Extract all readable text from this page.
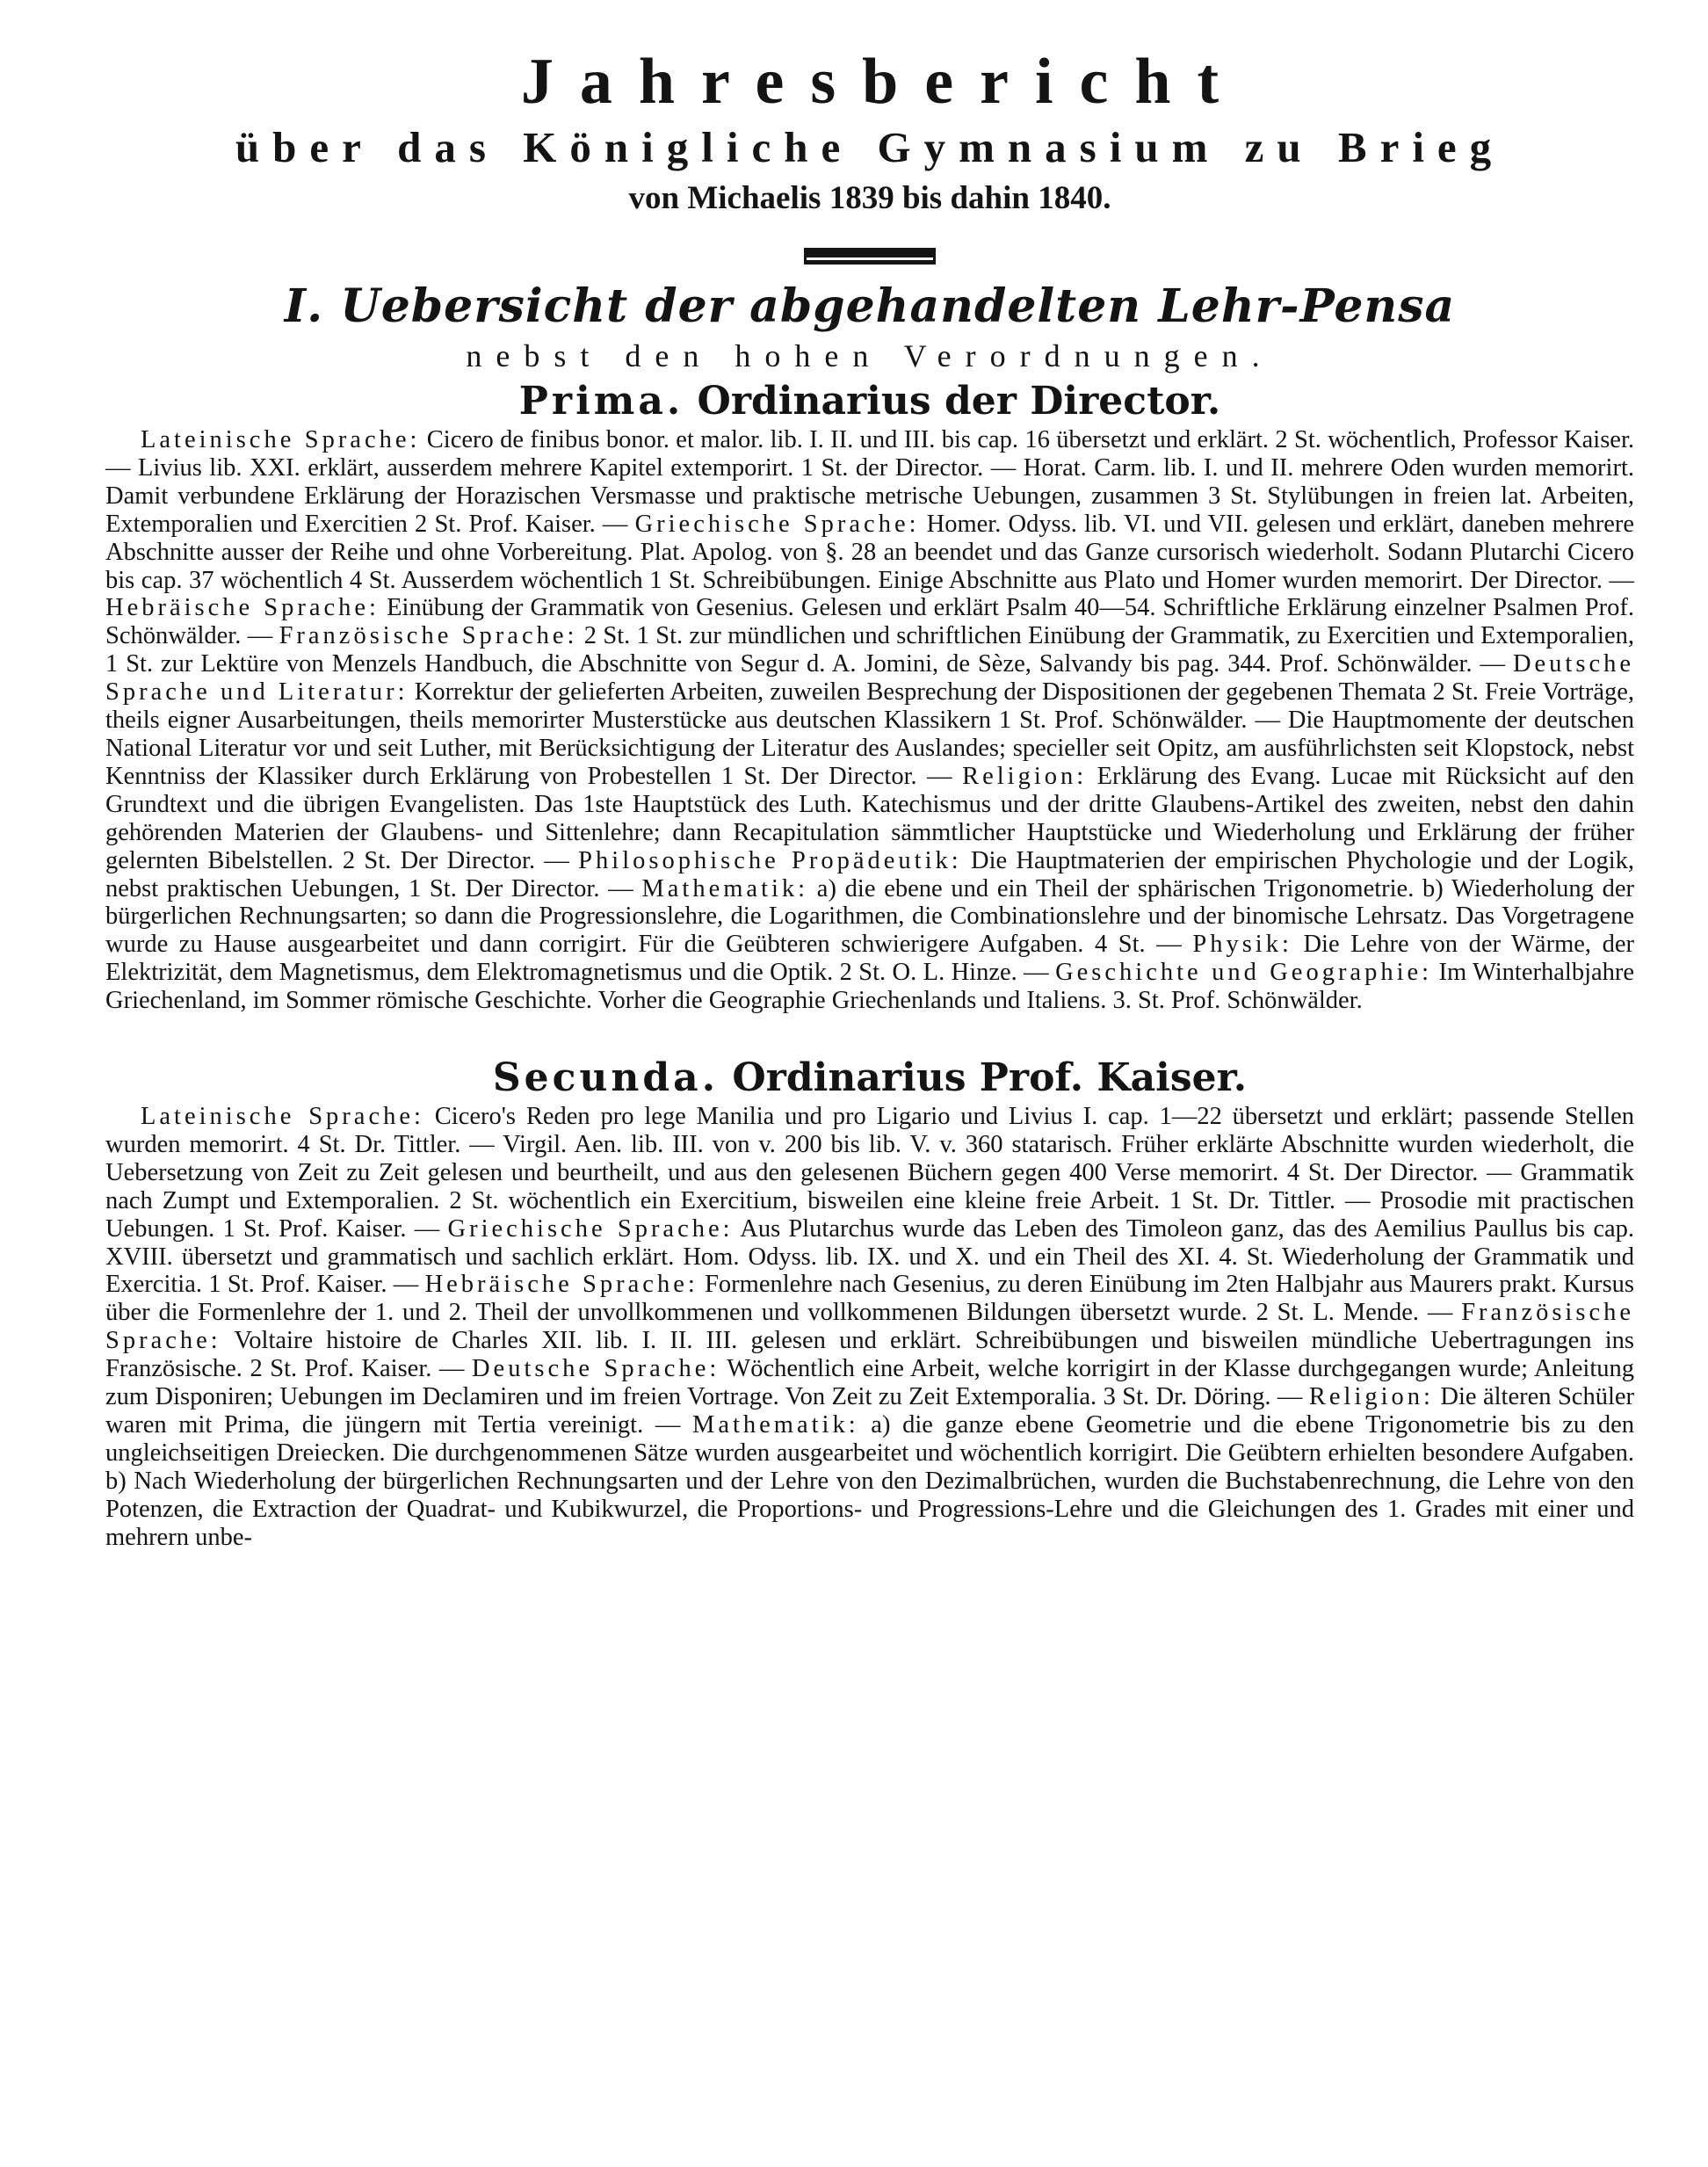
Jahresbericht

über das Königliche Gymnasium zu Brieg

von Michaelis 1839 bis dahin 1840.

I. Uebersicht der abgehandelten Lehr-Pensa

nebst den hohen Verordnungen.

Prima. Ordinarius der Director.

Lateinische Sprache: Cicero de finibus bonor. et malor. lib. I. II. und III. bis cap. 16 übersetzt und erklärt. 2 St. wöchentlich, Professor Kaiser. — Livius lib. XXI. erklärt, ausserdem mehrere Kapitel extemporirt. 1 St. der Director. — Horat. Carm. lib. I. und II. mehrere Oden wurden memorirt. Damit verbundene Erklärung der Horazischen Versmasse und praktische metrische Uebungen, zusammen 3 St. Stylübungen in freien lat. Arbeiten, Extemporalien und Exercitien 2 St. Prof. Kaiser. — Griechische Sprache: Homer. Odyss. lib. VI. und VII. gelesen und erklärt, daneben mehrere Abschnitte ausser der Reihe und ohne Vorbereitung. Plat. Apolog. von §. 28 an beendet und das Ganze cursorisch wiederholt. Sodann Plutarchi Cicero bis cap. 37 wöchentlich 4 St. Ausserdem wöchentlich 1 St. Schreibübungen. Einige Abschnitte aus Plato und Homer wurden memorirt. Der Director. — Hebräische Sprache: Einübung der Grammatik von Gesenius. Gelesen und erklärt Psalm 40—54. Schriftliche Erklärung einzelner Psalmen Prof. Schönwälder. — Französische Sprache: 2 St. 1 St. zur mündlichen und schriftlichen Einübung der Grammatik, zu Exercitien und Extemporalien, 1 St. zur Lektüre von Menzels Handbuch, die Abschnitte von Segur d. A. Jomini, de Sèze, Salvandy bis pag. 344. Prof. Schönwälder. — Deutsche Sprache und Literatur: Korrektur der gelieferten Arbeiten, zuweilen Besprechung der Dispositionen der gegebenen Themata 2 St. Freie Vorträge, theils eigner Ausarbeitungen, theils memorirter Musterstücke aus deutschen Klassikern 1 St. Prof. Schönwälder. — Die Hauptmomente der deutschen National Literatur vor und seit Luther, mit Berücksichtigung der Literatur des Auslandes; specieller seit Opitz, am ausführlichsten seit Klopstock, nebst Kenntniss der Klassiker durch Erklärung von Probestellen 1 St. Der Director. — Religion: Erklärung des Evang. Lucae mit Rücksicht auf den Grundtext und die übrigen Evangelisten. Das 1ste Hauptstück des Luth. Katechismus und der dritte Glaubens-Artikel des zweiten, nebst den dahin gehörenden Materien der Glaubens- und Sittenlehre; dann Recapitulation sämmtlicher Hauptstücke und Wiederholung und Erklärung der früher gelernten Bibelstellen. 2 St. Der Director. — Philosophische Propädeutik: Die Hauptmaterien der empirischen Phychologie und der Logik, nebst praktischen Uebungen, 1 St. Der Director. — Mathematik: a) die ebene und ein Theil der sphärischen Trigonometrie. b) Wiederholung der bürgerlichen Rechnungsarten; so dann die Progressionslehre, die Logarithmen, die Combinationslehre und der binomische Lehrsatz. Das Vorgetragene wurde zu Hause ausgearbeitet und dann corrigirt. Für die Geübteren schwierigere Aufgaben. 4 St. — Physik: Die Lehre von der Wärme, der Elektrizität, dem Magnetismus, dem Elektromagnetismus und die Optik. 2 St. O. L. Hinze. — Geschichte und Geographie: Im Winterhalbjahre Griechenland, im Sommer römische Geschichte. Vorher die Geographie Griechenlands und Italiens. 3. St. Prof. Schönwälder.

Secunda. Ordinarius Prof. Kaiser.

Lateinische Sprache: Cicero's Reden pro lege Manilia und pro Ligario und Livius I. cap. 1—22 übersetzt und erklärt; passende Stellen wurden memorirt. 4 St. Dr. Tittler. — Virgil. Aen. lib. III. von v. 200 bis lib. V. v. 360 statarisch. Früher erklärte Abschnitte wurden wiederholt, die Uebersetzung von Zeit zu Zeit gelesen und beurtheilt, und aus den gelesenen Büchern gegen 400 Verse memorirt. 4 St. Der Director. — Grammatik nach Zumpt und Extemporalien. 2 St. wöchentlich ein Exercitium, bisweilen eine kleine freie Arbeit. 1 St. Dr. Tittler. — Prosodie mit practischen Uebungen. 1 St. Prof. Kaiser. — Griechische Sprache: Aus Plutarchus wurde das Leben des Timoleon ganz, das des Aemilius Paullus bis cap. XVIII. übersetzt und grammatisch und sachlich erklärt. Hom. Odyss. lib. IX. und X. und ein Theil des XI. 4. St. Wiederholung der Grammatik und Exercitia. 1 St. Prof. Kaiser. — Hebräische Sprache: Formenlehre nach Gesenius, zu deren Einübung im 2ten Halbjahr aus Maurers prakt. Kursus über die Formenlehre der 1. und 2. Theil der unvollkommenen und vollkommenen Bildungen übersetzt wurde. 2 St. L. Mende. — Französische Sprache: Voltaire histoire de Charles XII. lib. I. II. III. gelesen und erklärt. Schreibübungen und bisweilen mündliche Uebertragungen ins Französische. 2 St. Prof. Kaiser. — Deutsche Sprache: Wöchentlich eine Arbeit, welche korrigirt in der Klasse durchgegangen wurde; Anleitung zum Disponiren; Uebungen im Declamiren und im freien Vortrage. Von Zeit zu Zeit Extemporalia. 3 St. Dr. Döring. — Religion: Die älteren Schüler waren mit Prima, die jüngern mit Tertia vereinigt. — Mathematik: a) die ganze ebene Geometrie und die ebene Trigonometrie bis zu den ungleichseitigen Dreiecken. Die durchgenommenen Sätze wurden ausgearbeitet und wöchentlich korrigirt. Die Geübtern erhielten besondere Aufgaben. b) Nach Wiederholung der bürgerlichen Rechnungsarten und der Lehre von den Dezimalbrüchen, wurden die Buchstabenrechnung, die Lehre von den Potenzen, die Extraction der Quadrat- und Kubikwurzel, die Proportions- und Progressions-Lehre und die Gleichungen des 1. Grades mit einer und mehrern unbe-
